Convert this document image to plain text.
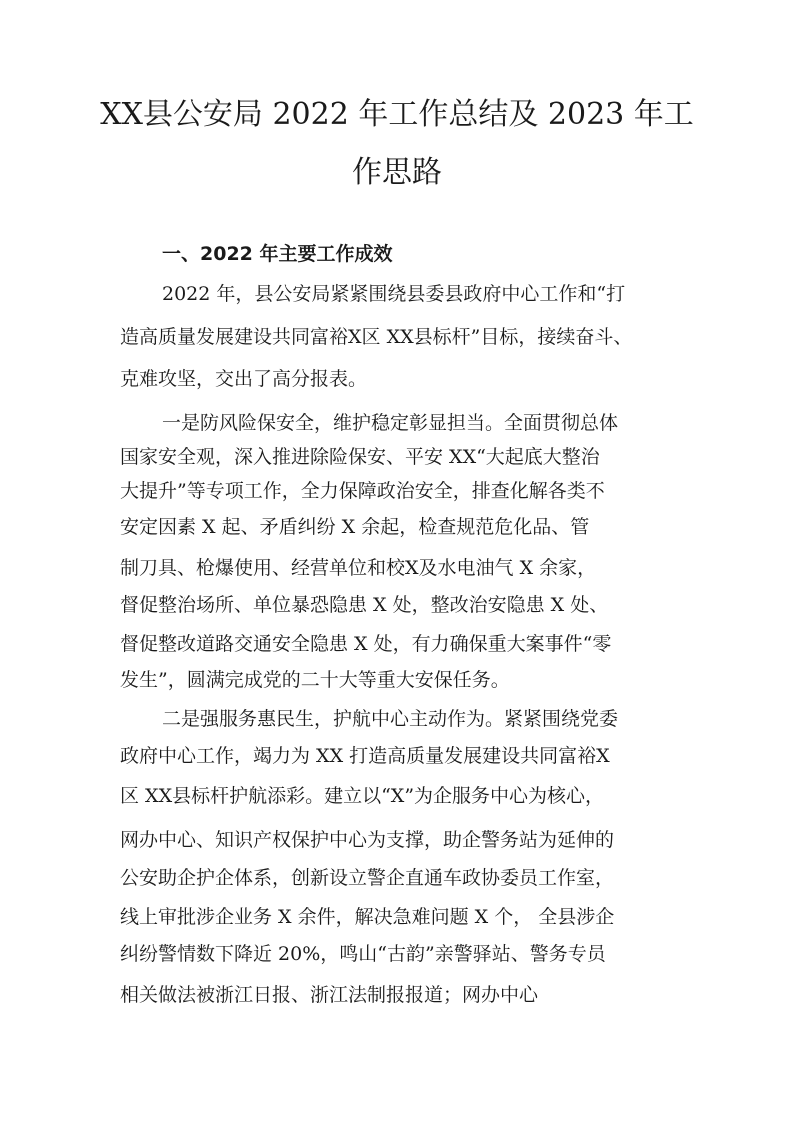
XX县公安局 2022 年工作总结及 2023 年工
作思路
一、2022 年主要工作成效

2022 年，县公安局紧紧围绕县委县政府中心工作和“打

造高质量发展建设共同富裕X区 XX县标杆”目标，接续奋斗、

克难攻坚，交出了高分报表。

一是防风险保安全，维护稳定彰显担当。全面贯彻总体

国家安全观，深入推进除险保安、平安 XX“大起底大整治

大提升”等专项工作，全力保障政治安全，排查化解各类不

安定因素 X 起、矛盾纠纷 X 余起，检查规范危化品、管

制刀具、枪爆使用、经营单位和校X及水电油气 X 余家，

督促整治场所、单位暴恐隐患 X 处，整改治安隐患 X 处、

督促整改道路交通安全隐患 X 处，有力确保重大案事件“零

发生”，圆满完成党的二十大等重大安保任务。

二是强服务惠民生，护航中心主动作为。紧紧围绕党委

政府中心工作，竭力为 XX 打造高质量发展建设共同富裕X

区 XX县标杆护航添彩。建立以“X”为企服务中心为核心，

网办中心、知识产权保护中心为支撑，助企警务站为延伸的

公安助企护企体系，创新设立警企直通车政协委员工作室，

线上审批涉企业务 X 余件，解决急难问题 X 个， 全县涉企

纠纷警情数下降近 20%，鸣山“古韵”亲警驿站、警务专员

相关做法被浙江日报、浙江法制报报道；网办中心
